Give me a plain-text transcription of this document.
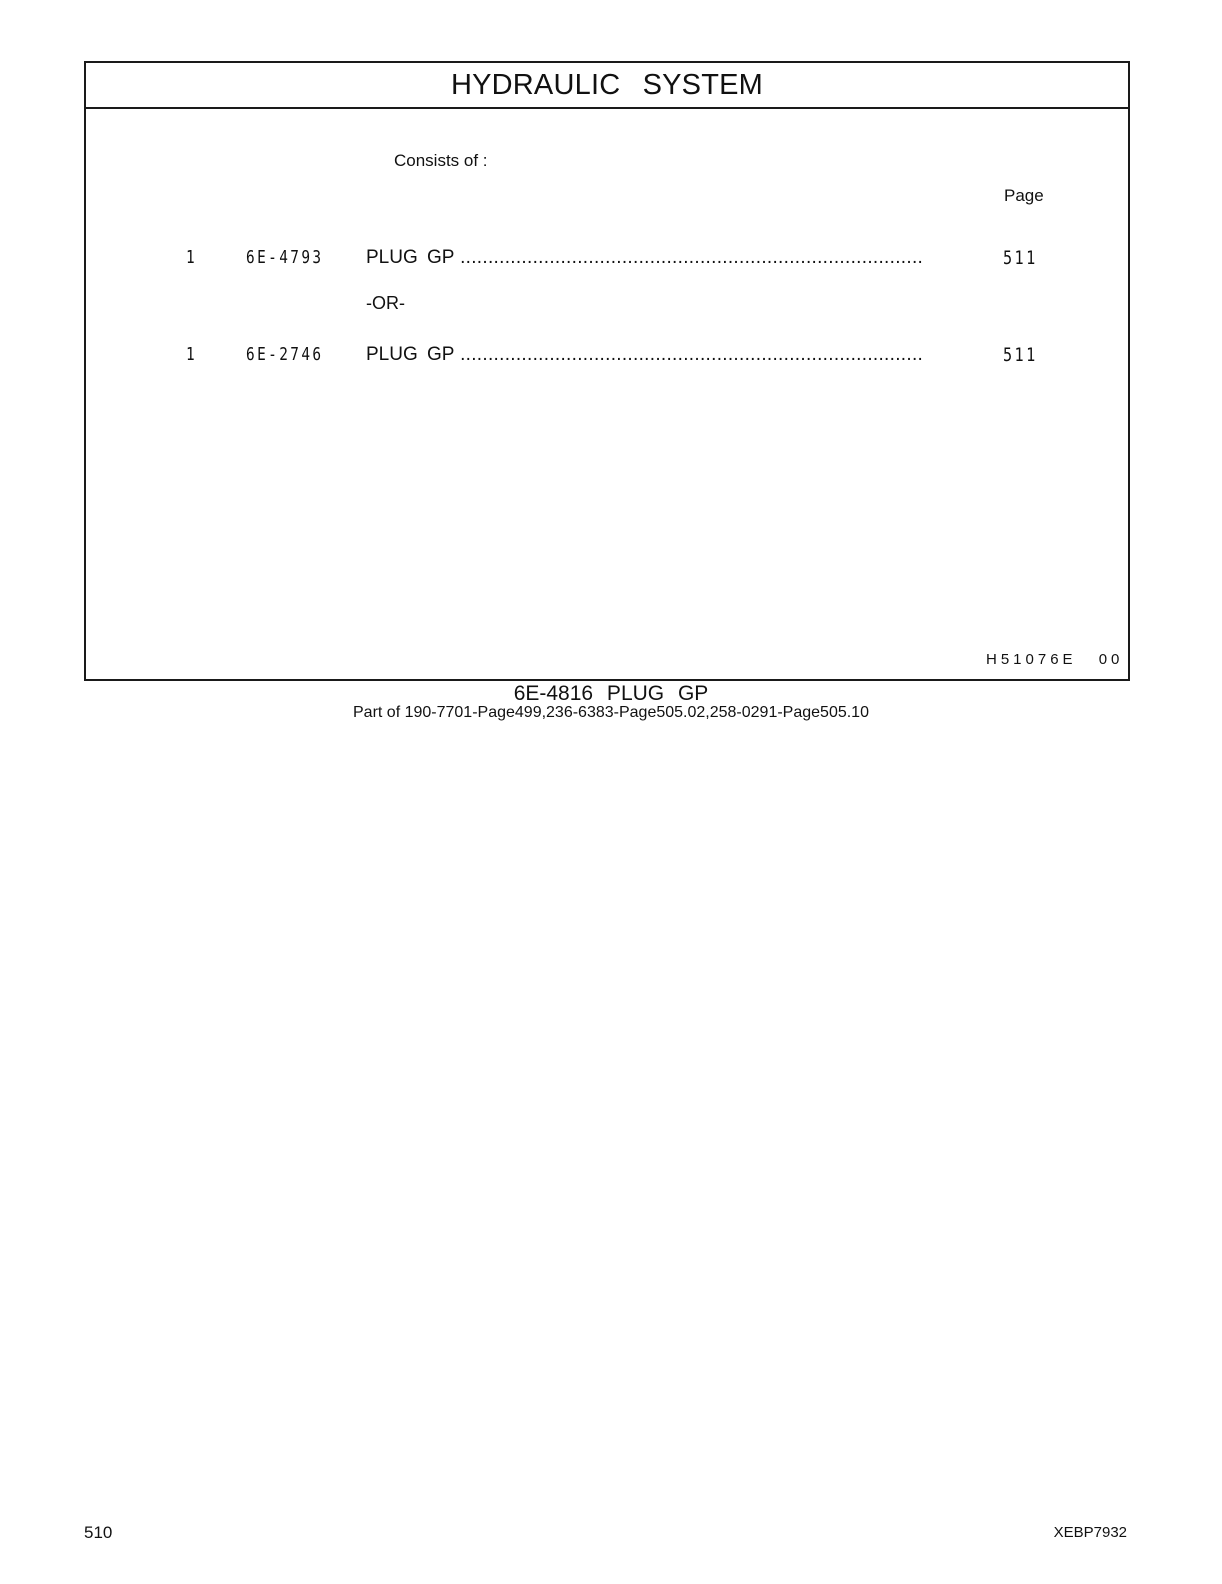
HYDRAULIC SYSTEM
Consists of :
Page
1	6E-4793 PLUG GP .....	511
-OR-
1	6E-2746 PLUG GP .....	511
H51076E 00
6E-4816 PLUG GP
Part of 190-7701-Page499,236-6383-Page505.02,258-0291-Page505.10
510	XEBP7932
